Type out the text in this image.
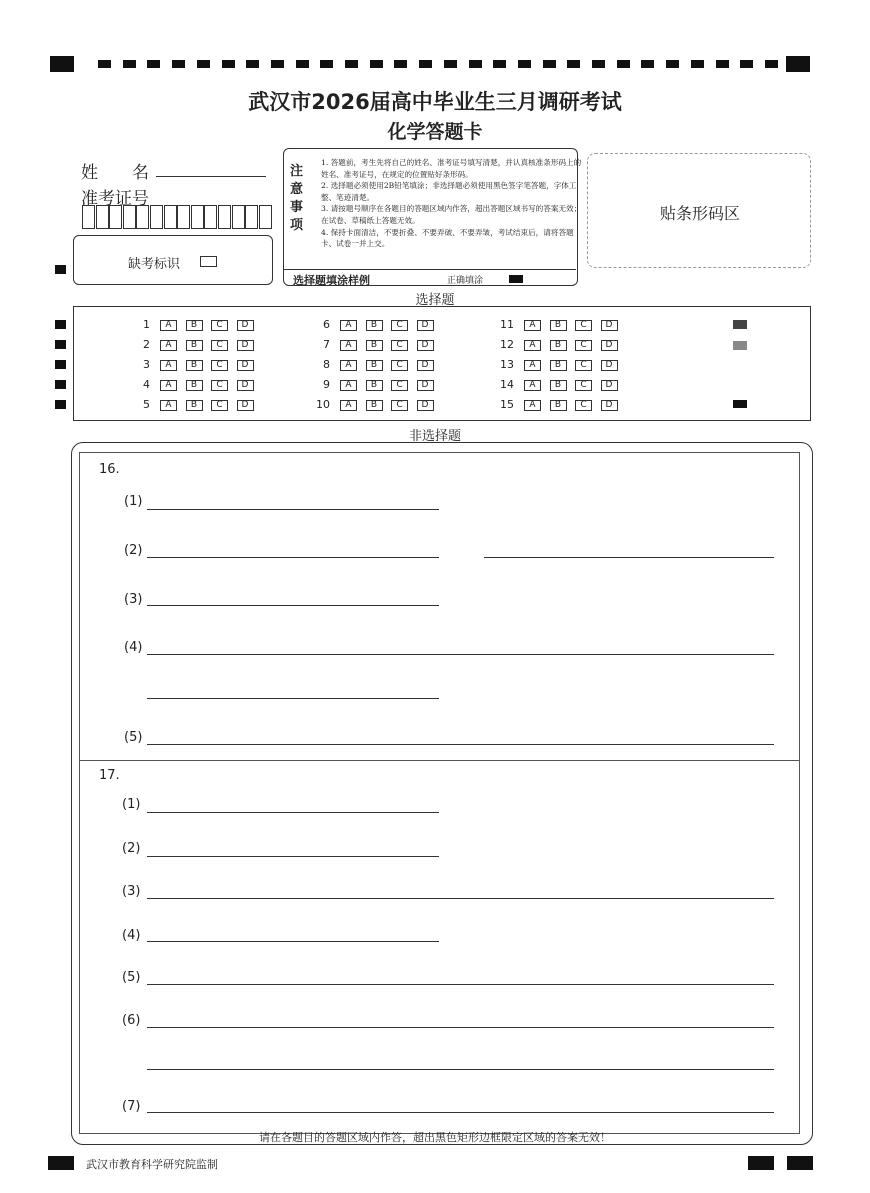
武汉市2026届高中毕业生三月调研考试
化学答题卡
姓　　名
准考证号
缺考标识
注
意
事
项
1. 答题前，考生先将自己的姓名、准考证号填写清楚，并认真核准条形码上的姓名、准考证号，在规定的位置贴好条形码。
2. 选择题必须使用2B铅笔填涂；非选择题必须使用黑色签字笔答题，字体工整、笔迹清楚。
3. 请按题号顺序在各题目的答题区域内作答，超出答题区域书写的答案无效；在试卷、草稿纸上答题无效。
4. 保持卡面清洁，不要折叠、不要弄破、不要弄皱，考试结束后，请将答题卡、试卷一并上交。
选择题填涂样例	正确填涂
贴条形码区
选择题
1	A	B	C	D
2	A	B	C	D
3	A	B	C	D
4	A	B	C	D
5	A	B	C	D
6	A	B	C	D
7	A	B	C	D
8	A	B	C	D
9	A	B	C	D
10	A	B	C	D
11	A	B	C	D
12	A	B	C	D
13	A	B	C	D
14	A	B	C	D
15	A	B	C	D
非选择题
16.
(1)
(2)
(3)
(4)
(5)
17.
(1)
(2)
(3)
(4)
(5)
(6)
(7)
请在各题目的答题区域内作答，超出黑色矩形边框限定区域的答案无效！
武汉市教育科学研究院监制
